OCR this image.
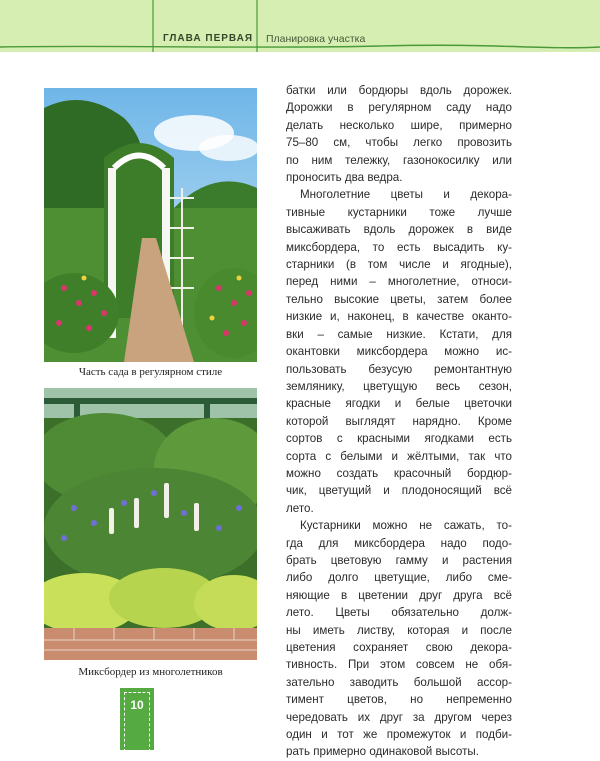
ГЛАВА ПЕРВАЯ Планировка участка
Часть сада в регулярном стиле
Миксбордер из многолетников

батки или бордюры вдоль дорожек.

Дорожки в регулярном саду надо

делать несколько шире, примерно

75–80 см, чтобы легко провозить

по ним тележку, газонокосилку или

проносить два ведра.

Многолетние цветы и декора-

тивные кустарники тоже лучше

высаживать вдоль дорожек в виде

миксбордера, то есть высадить ку-

старники (в том числе и ягодные),

перед ними – многолетние, относи-

тельно высокие цветы, затем более

низкие и, наконец, в качестве оканто-

вки – самые низкие. Кстати, для

окантовки миксбордера можно ис-

пользовать безусую ремонтантную

землянику, цветущую весь сезон,

красные ягодки и белые цветочки

которой выглядят нарядно. Кроме

сортов с красными ягодками есть

сорта с белыми и жёлтыми, так что

можно создать красочный бордюр-

чик, цветущий и плодоносящий всё

лето.

Кустарники можно не сажать, то-

гда для миксбордера надо подо-

брать цветовую гамму и растения

либо долго цветущие, либо сме-

няющие в цветении друг друга всё

лето. Цветы обязательно долж-

ны иметь листву, которая и после

цветения сохраняет свою декора-

тивность. При этом совсем не обя-

зательно заводить большой ассор-

тимент цветов, но непременно

чередовать их друг за другом через

один и тот же промежуток и подби-

рать примерно одинаковой высоты.

10
